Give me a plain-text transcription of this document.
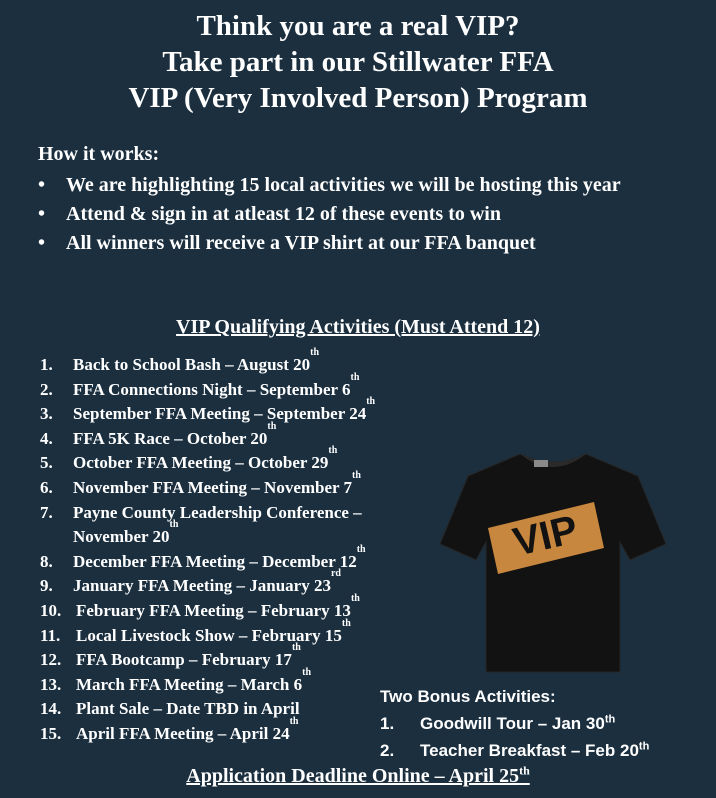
Think you are a real VIP?
Take part in our Stillwater FFA
VIP (Very Involved Person) Program
How it works:
• We are highlighting 15 local activities we will be hosting this year
• Attend & sign in at atleast 12 of these events to win
• All winners will receive a VIP shirt at our FFA banquet
VIP Qualifying Activities (Must Attend 12)
1.	Back to School Bash – August 20
th
2.	FFA Connections Night – September 6
th
3.	September FFA Meeting – September 24
th
4.	FFA 5K Race – October 20
th
5.	October FFA Meeting – October 29
th
6.	November FFA Meeting – November 7
th
7.	Payne County Leadership Conference –
November 20
th
8.	December FFA Meeting – December 12
th
9.	January FFA Meeting – January 23
rd
10. February FFA Meeting – February 13
th
11. Local Livestock Show – February 15
th
12. FFA Bootcamp – February 17
th
13. March FFA Meeting – March 6
th
14. Plant Sale – Date TBD in April
15. April FFA Meeting – April 24
th
VIP
Two Bonus Activities:
1. Goodwill Tour – Jan 30th
2. Teacher Breakfast – Feb 20th
Application Deadline Online – April 25th
